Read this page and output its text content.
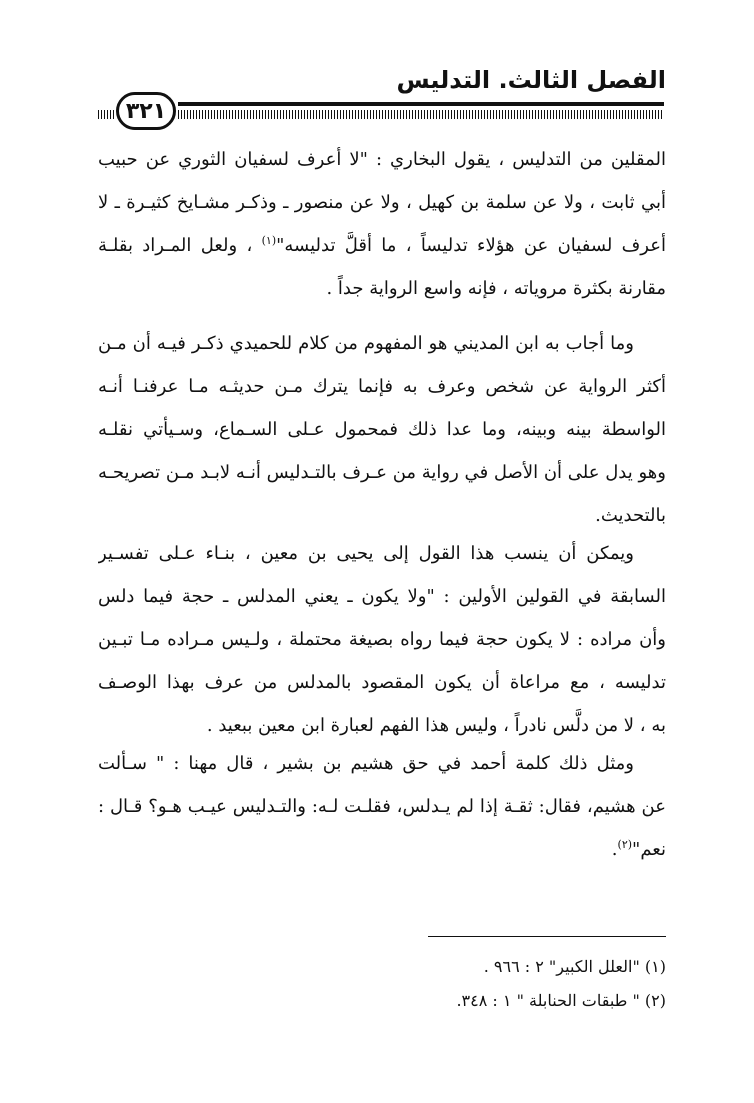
الفصل الثالث. التدليس
٣٢١
المقلين من التدليس ، يقول البخاري : "لا أعرف لسفيان الثوري عن حبيب
أبي ثابت ، ولا عن سلمة بن كهيل ، ولا عن منصور ـ وذكـر مشـايخ كثيـرة ـ لا
أعرف لسفيان عن هؤلاء تدليساً ، ما أقلَّ تدليسه"$^{(١)}$ ، ولعل المـراد بقلـة
مقارنة بكثرة مروياته ، فإنه واسع الرواية جداً .
وما أجاب به ابن المديني هو المفهوم من كلام للحميدي ذكـر فيـه أن مـن
أكثر الرواية عن شخص وعرف به فإنما يترك مـن حديثـه مـا عرفنـا أنـه
الواسطة بينه وبينه، وما عدا ذلك فمحمول عـلى السـماع، وسـيأتي نقلـه
وهو يدل على أن الأصل في رواية من عـرف بالتـدليس أنـه لابـد مـن تصريحـه
بالتحديث.
ويمكن أن ينسب هذا القول إلى يحيى بن معين ، بنـاء عـلى تفسـير
السابقة في القولين الأولين : "ولا يكون ـ يعني المدلس ـ حجة فيما دلس
وأن مراده : لا يكون حجة فيما رواه بصيغة محتملة ، ولـيس مـراده مـا تبـين
تدليسه ، مع مراعاة أن يكون المقصود بالمدلس من عرف بهذا الوصـف
به ، لا من دلَّس نادراً ، وليس هذا الفهم لعبارة ابن معين ببعيد .
ومثل ذلك كلمة أحمد في حق هشيم بن بشير ، قال مهنا : " سـألت
عن هشيم، فقال: ثقـة إذا لم يـدلس، فقلـت لـه: والتـدليس عيـب هـو؟ قـال :
نعم"$^{(٢)}$.
(١) "العلل الكبير" ٢ : ٩٦٦ .
(٢) " طبقات الحنابلة " ١ : ٣٤٨.
